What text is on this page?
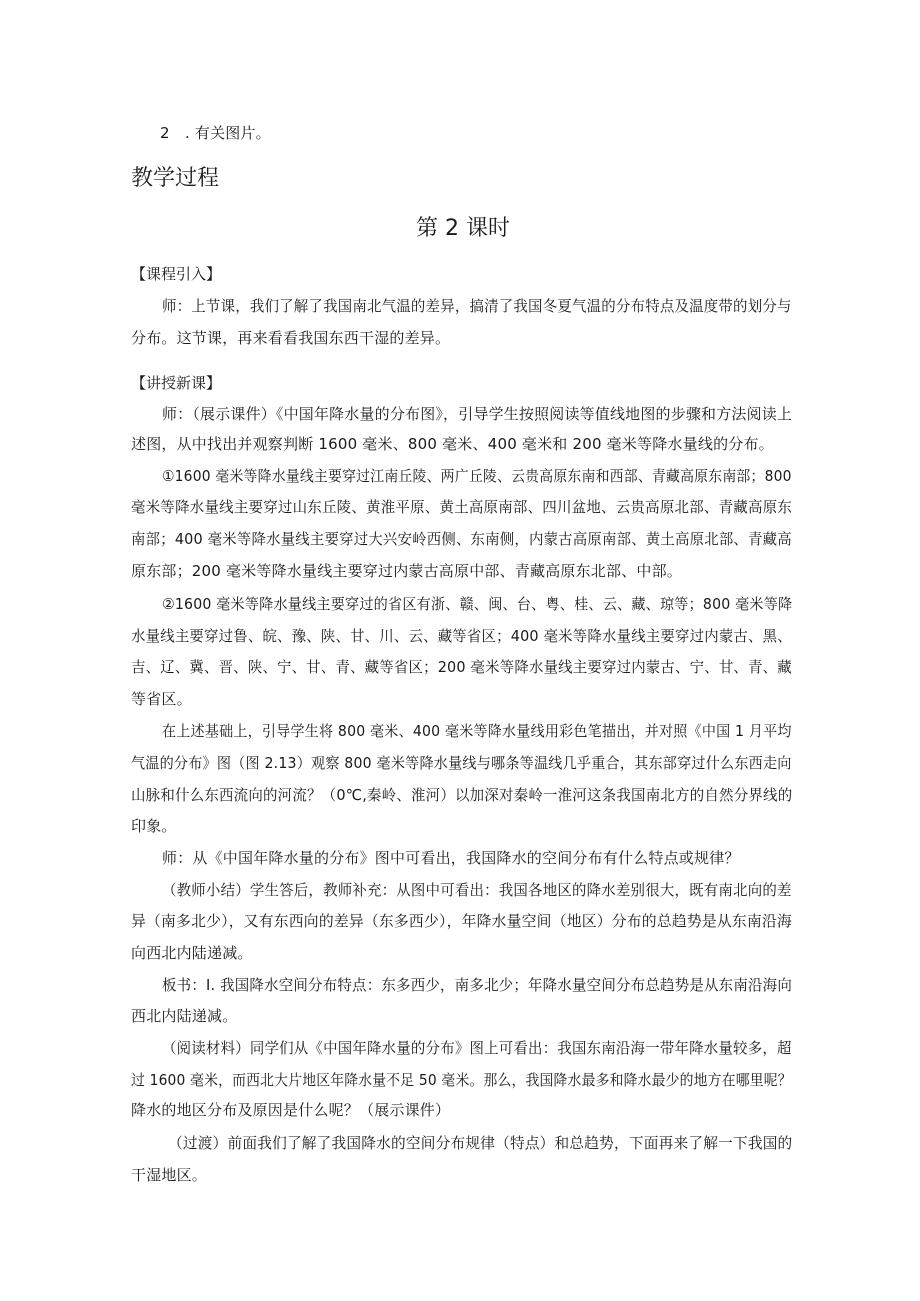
2　. 有关图片。
教学过程
第 2 课时
【课程引入】
师：上节课，我们了解了我国南北气温的差异，搞清了我国冬夏气温的分布特点及温度带的划分与
分布。这节课，再来看看我国东西干湿的差异。
【讲授新课】
师：（展示课件）《中国年降水量的分布图》，引导学生按照阅读等值线地图的步骤和方法阅读上
述图，从中找出并观察判断 1600 毫米、800 毫米、400 毫米和 200 毫米等降水量线的分布。
①1600 毫米等降水量线主要穿过江南丘陵、两广丘陵、云贵高原东南和西部、青藏高原东南部；800
毫米等降水量线主要穿过山东丘陵、黄淮平原、黄土高原南部、四川盆地、云贵高原北部、青藏高原东
南部；400 毫米等降水量线主要穿过大兴安岭西侧、东南侧，内蒙古高原南部、黄土高原北部、青藏高
原东部；200 毫米等降水量线主要穿过内蒙古高原中部、青藏高原东北部、中部。
②1600 毫米等降水量线主要穿过的省区有浙、赣、闽、台、粤、桂、云、藏、琼等；800 毫米等降
水量线主要穿过鲁、皖、豫、陕、甘、川、云、藏等省区；400 毫米等降水量线主要穿过内蒙古、黑、
吉、辽、冀、晋、陕、宁、甘、青、藏等省区；200 毫米等降水量线主要穿过内蒙古、宁、甘、青、藏
等省区。
在上述基础上，引导学生将 800 毫米、400 毫米等降水量线用彩色笔描出，并对照《中国 1 月平均
气温的分布》图（图 2.13）观察 800 毫米等降水量线与哪条等温线几乎重合，其东部穿过什么东西走向
山脉和什么东西流向的河流？（0℃,秦岭、淮河）以加深对秦岭一淮河这条我国南北方的自然分界线的
印象。
师：从《中国年降水量的分布》图中可看出，我国降水的空间分布有什么特点或规律？
（教师小结）学生答后，教师补充：从图中可看出：我国各地区的降水差别很大，既有南北向的差
异（南多北少），又有东西向的差异（东多西少），年降水量空间（地区）分布的总趋势是从东南沿海
向西北内陆递减。
板书：I. 我国降水空间分布特点：东多西少，南多北少；年降水量空间分布总趋势是从东南沿海向
西北内陆递减。
（阅读材料）同学们从《中国年降水量的分布》图上可看出：我国东南沿海一带年降水量较多，超
过 1600 毫米，而西北大片地区年降水量不足 50 毫米。那么，我国降水最多和降水最少的地方在哪里呢？
降水的地区分布及原因是什么呢？（展示课件）
（过渡）前面我们了解了我国降水的空间分布规律（特点）和总趋势，下面再来了解一下我国的
干湿地区。
